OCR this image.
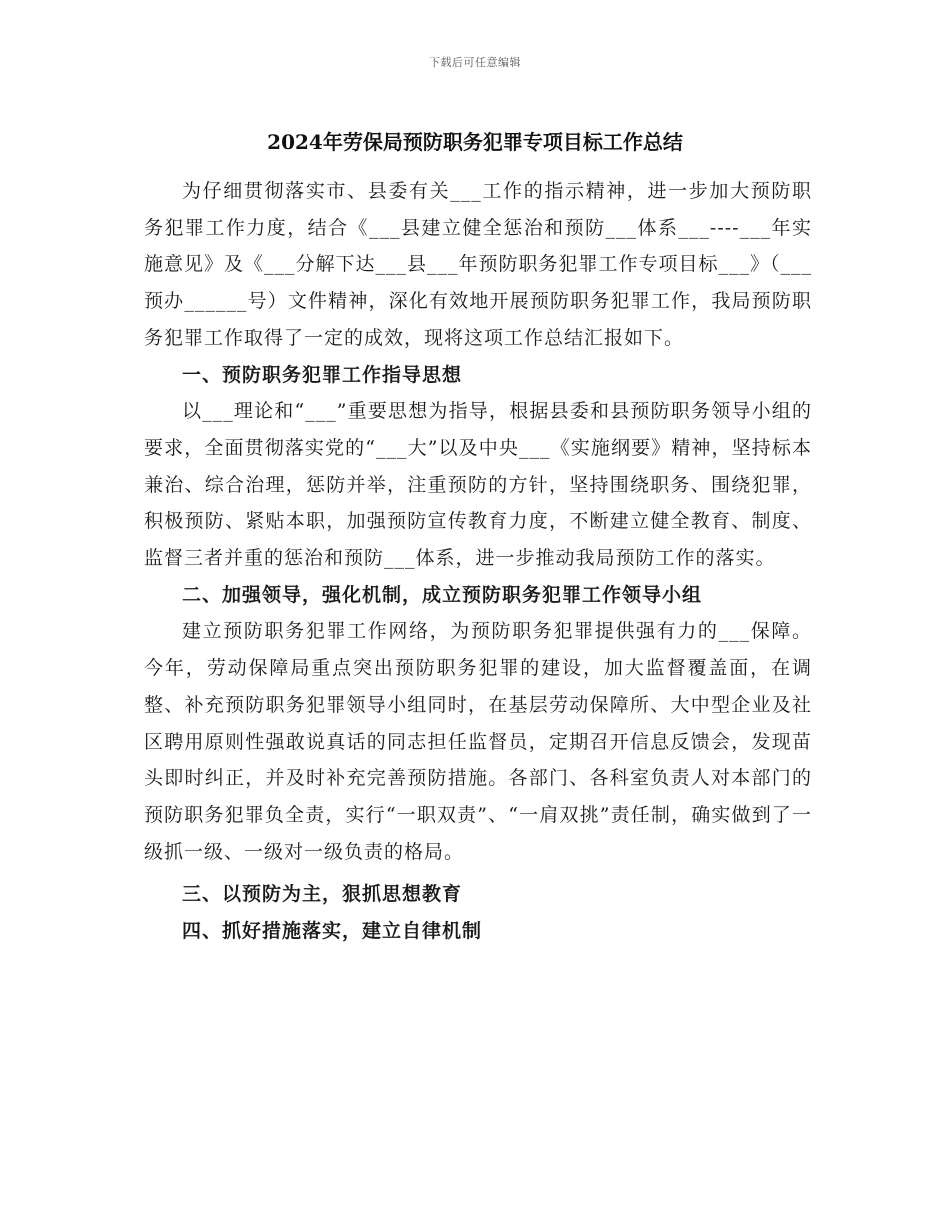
下载后可任意编辑
2024年劳保局预防职务犯罪专项目标工作总结

为仔细贯彻落实市、县委有关___工作的指示精神，进一步加大预防职务犯罪工作力度，结合《___县建立健全惩治和预防___体系___----___年实施意见》及《___分解下达___县___年预防职务犯罪工作专项目标___》（___预办______号）文件精神，深化有效地开展预防职务犯罪工作，我局预防职务犯罪工作取得了一定的成效，现将这项工作总结汇报如下。

一、预防职务犯罪工作指导思想

以___理论和“___”重要思想为指导，根据县委和县预防职务领导小组的要求，全面贯彻落实党的“___大”以及中央___《实施纲要》精神，坚持标本兼治、综合治理，惩防并举，注重预防的方针，坚持围绕职务、围绕犯罪，积极预防、紧贴本职，加强预防宣传教育力度，不断建立健全教育、制度、监督三者并重的惩治和预防___体系，进一步推动我局预防工作的落实。

二、加强领导，强化机制，成立预防职务犯罪工作领导小组

建立预防职务犯罪工作网络，为预防职务犯罪提供强有力的___保障。今年，劳动保障局重点突出预防职务犯罪的建设，加大监督覆盖面，在调整、补充预防职务犯罪领导小组同时，在基层劳动保障所、大中型企业及社区聘用原则性强敢说真话的同志担任监督员，定期召开信息反馈会，发现苗头即时纠正，并及时补充完善预防措施。各部门、各科室负责人对本部门的预防职务犯罪负全责，实行“一职双责”、“一肩双挑”责任制，确实做到了一级抓一级、一级对一级负责的格局。

三、以预防为主，狠抓思想教育
四、抓好措施落实，建立自律机制
